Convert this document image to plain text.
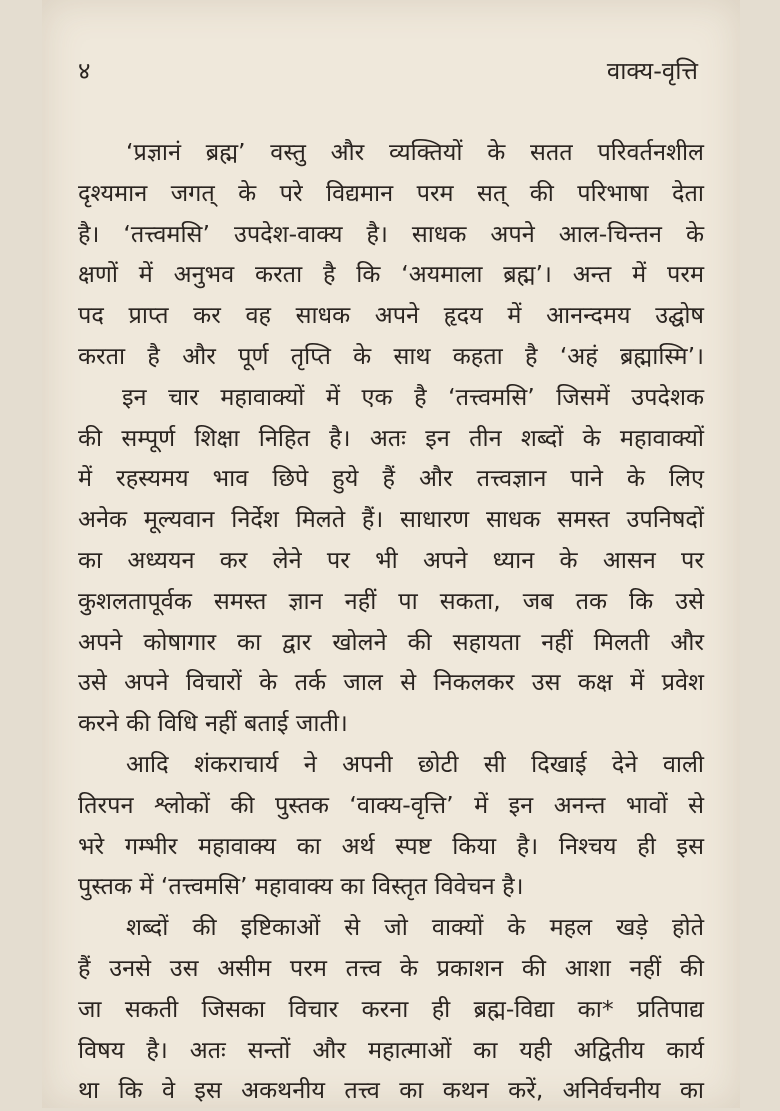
४	वाक्य-वृत्ति

‘प्रज्ञानं ब्रह्म’ वस्तु और व्यक्तियों के सतत परिवर्तनशील
दृश्यमान जगत् के परे विद्यमान परम सत् की परिभाषा देता
है। ‘तत्त्वमसि’ उपदेश-वाक्य है। साधक अपने आल-चिन्तन के
क्षणों में अनुभव करता है कि ‘अयमाला ब्रह्म’। अन्त में परम
पद प्राप्त कर वह साधक अपने हृदय में आनन्दमय उद्घोष
करता है और पूर्ण तृप्ति के साथ कहता है ‘अहं ब्रह्मास्मि’।

इन चार महावाक्यों में एक है ‘तत्त्वमसि’ जिसमें उपदेशक
की सम्पूर्ण शिक्षा निहित है। अतः इन तीन शब्दों के महावाक्यों
में रहस्यमय भाव छिपे हुये हैं और तत्त्वज्ञान पाने के लिए
अनेक मूल्यवान निर्देश मिलते हैं। साधारण साधक समस्त उपनिषदों
का अध्ययन कर लेने पर भी अपने ध्यान के आसन पर
कुशलतापूर्वक समस्त ज्ञान नहीं पा सकता, जब तक कि उसे
अपने कोषागार का द्वार खोलने की सहायता नहीं मिलती और
उसे अपने विचारों के तर्क जाल से निकलकर उस कक्ष में प्रवेश
करने की विधि नहीं बताई जाती।

आदि शंकराचार्य ने अपनी छोटी सी दिखाई देने वाली
तिरपन श्लोकों की पुस्तक ‘वाक्य-वृत्ति’ में इन अनन्त भावों से
भरे गम्भीर महावाक्य का अर्थ स्पष्ट किया है। निश्चय ही इस
पुस्तक में ‘तत्त्वमसि’ महावाक्य का विस्तृत विवेचन है।

शब्दों की इष्टिकाओं से जो वाक्यों के महल खड़े होते
हैं उनसे उस असीम परम तत्त्व के प्रकाशन की आशा नहीं की
जा सकती जिसका विचार करना ही ब्रह्म-विद्या का* प्रतिपाद्य
विषय है। अतः सन्तों और महात्माओं का यही अद्वितीय कार्य
था कि वे इस अकथनीय तत्त्व का कथन करें, अनिर्वचनीय का
